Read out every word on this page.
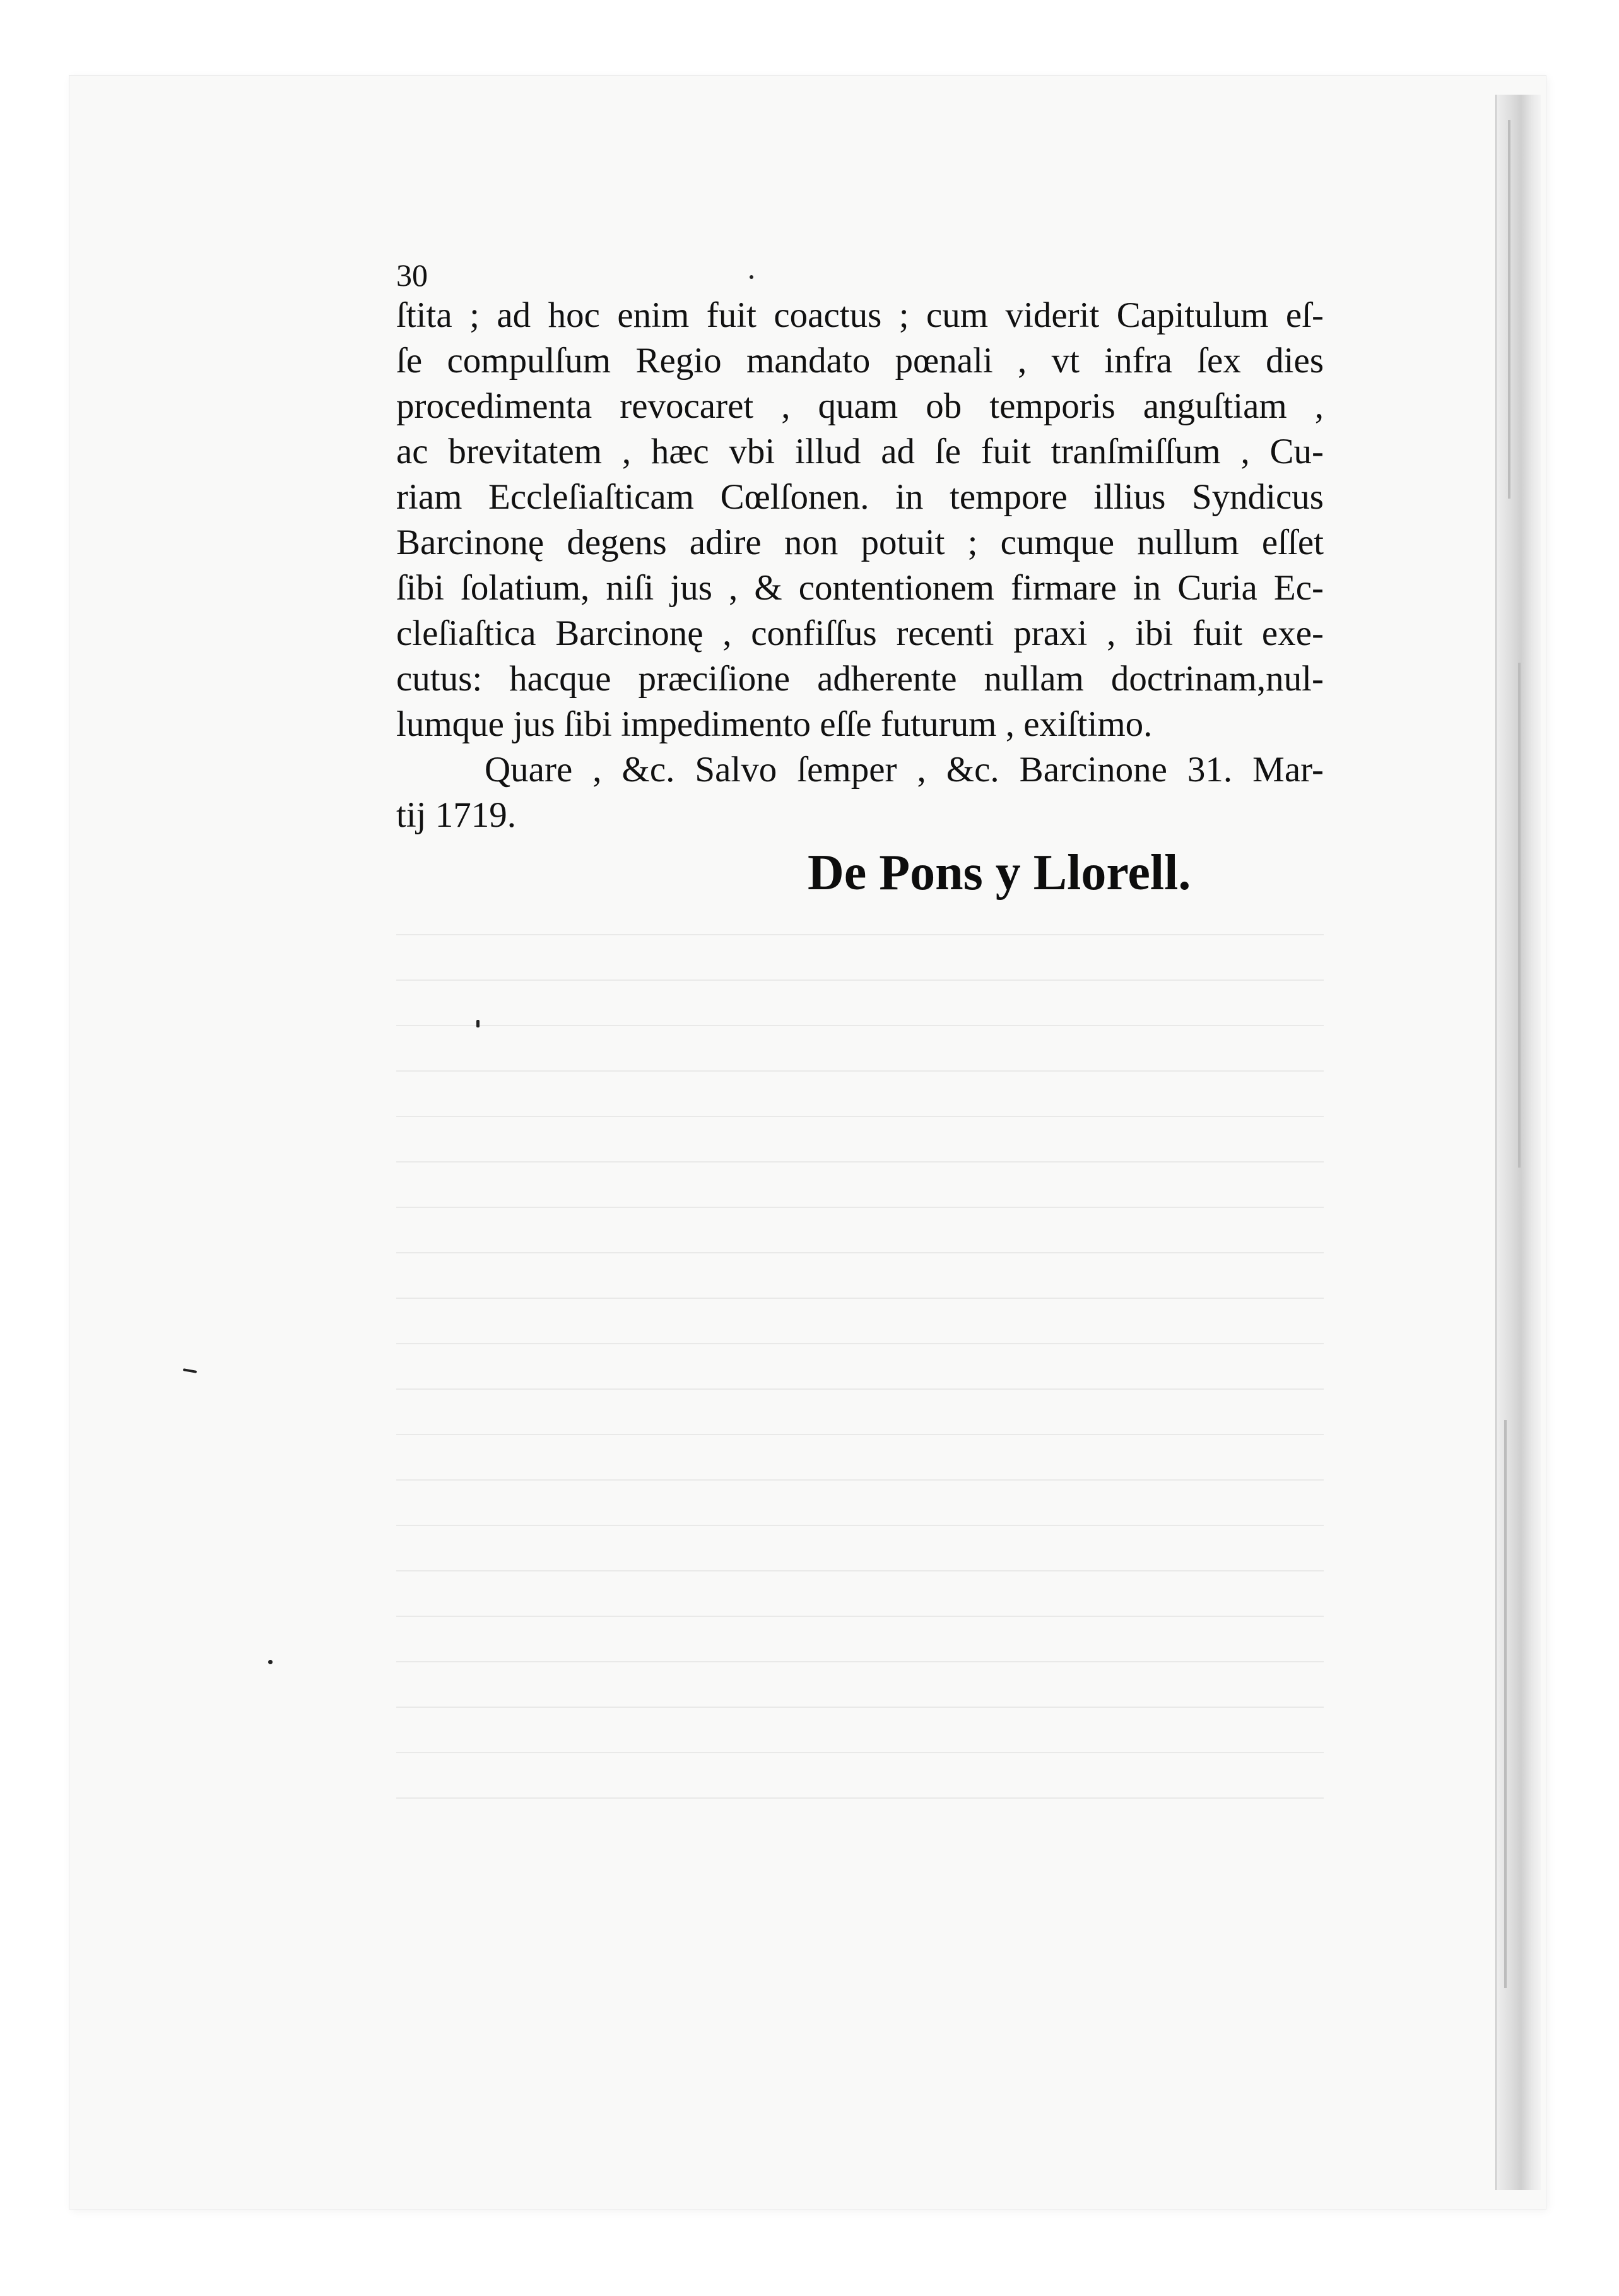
30
ſtita ; ad hoc enim fuit coactus ; cum viderit Capitulum eſ-
ſe compulſum Regio mandato pœnali , vt infra ſex dies
procedimenta revocaret , quam ob temporis anguſtiam ,
ac brevitatem , hæc vbi illud ad ſe fuit tranſmiſſum , Cu-
riam Eccleſiaſticam Cœlſonen. in tempore illius Syndicus
Barcinonę degens adire non potuit ; cumque nullum eſſet
ſibi ſolatium, niſi jus , & contentionem firmare in Curia Ec-
cleſiaſtica Barcinonę , confiſſus recenti praxi , ibi fuit exe-
cutus: hacque præciſione adherente nullam doctrinam,nul-
lumque jus ſibi impedimento eſſe futurum , exiſtimo.
Quare , &c. Salvo ſemper , &c. Barcinone 31. Mar-
tij 1719.
De Pons y Llorell.
